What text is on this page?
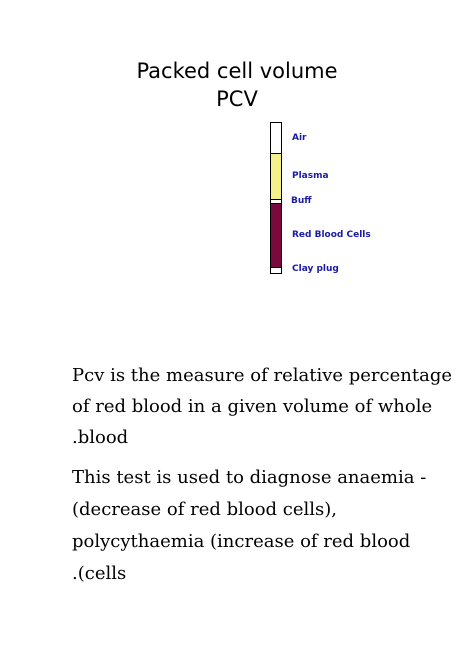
Packed cell volume
PCV
Air
Plasma
Buff
Red Blood Cells
Clay plug
Pcv is the measure of relative percentage
of red blood in a given volume of whole
.blood
This test is used to diagnose anaemia -
(decrease of red blood cells),
polycythaemia (increase of red blood
.(cells
